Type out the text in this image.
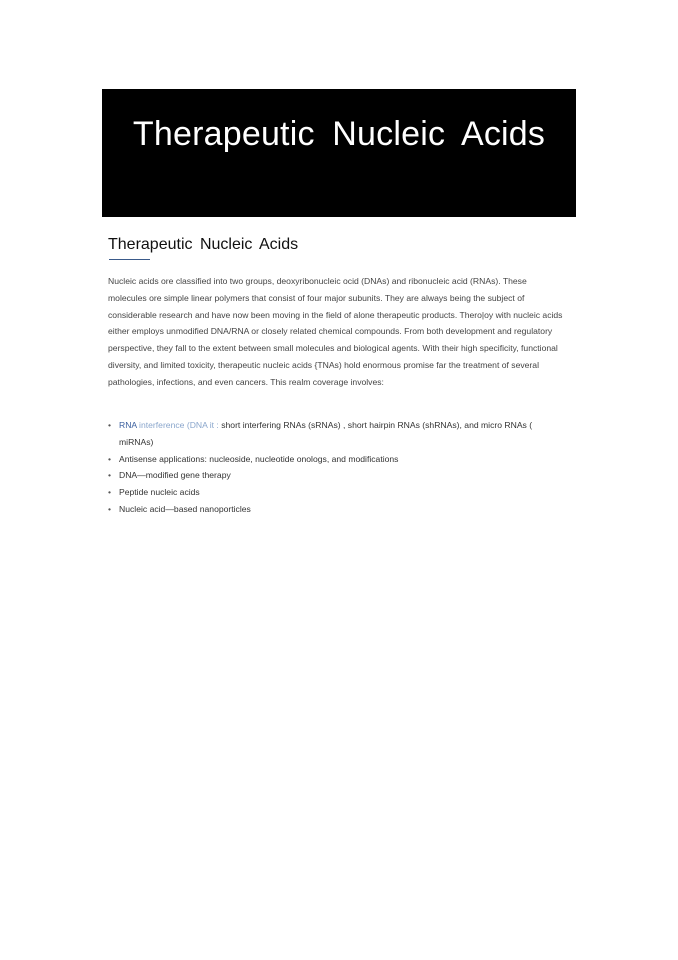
Therapeutic Nucleic Acids
Therapeutic Nucleic Acids

Nucleic acids ore classified into two groups, deoxyribonucleic ocid (DNAs) and ribonucleic acid (RNAs). These molecules ore simple linear polymers that consist of four major subunits. They are always being the subject of considerable research and have now been moving in the field of alone therapeutic products. Thero|oy with nucleic acids either employs unmodified DNA/RNA or closely related chemical compounds. From both development and regulatory perspective, they fall to the extent between small molecules and biological agents. With their high specificity, functional diversity, and limited toxicity, therapeutic nucleic acids {TNAs) hold enormous promise far the treatment of several pathologies, infections, and even cancers. This realm coverage involves:

• RNA interference (DNA it : short interfering RNAs (sRNAs) , short hairpin RNAs (shRNAs), and micro RNAs ( miRNAs)
• Antisense applications: nucleoside, nucleotide onologs, and modifications
• DNA—modified gene therapy
• Peptide nucleic acids
• Nucleic acid—based nanoporticles
